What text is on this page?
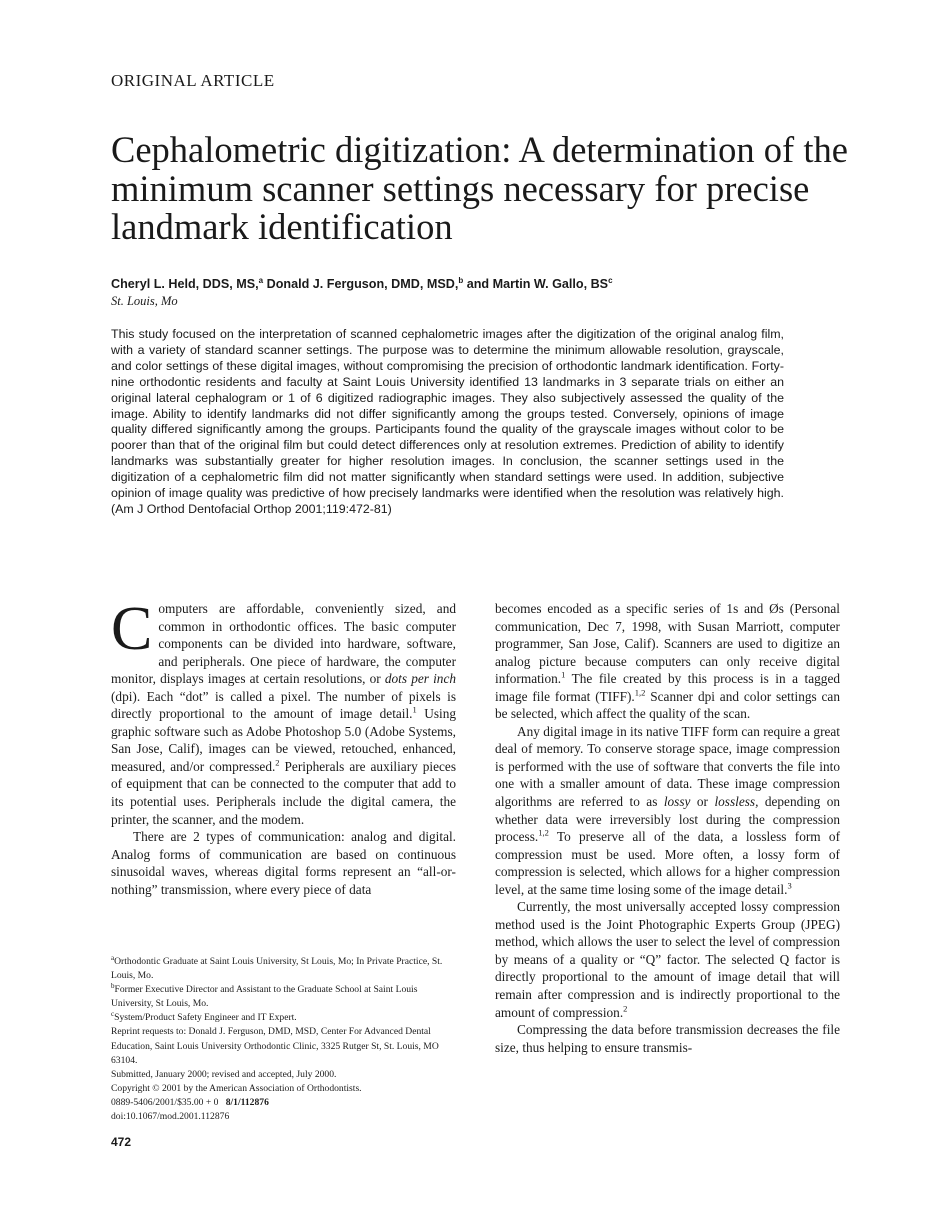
ORIGINAL ARTICLE
Cephalometric digitization: A determination of the minimum scanner settings necessary for precise landmark identification
Cheryl L. Held, DDS, MS,$^a$ Donald J. Ferguson, DMD, MSD,$^b$ and Martin W. Gallo, $BS^c$
St. Louis, Mo

This study focused on the interpretation of scanned cephalometric images after the digitization of the original analog film, with a variety of standard scanner settings. The purpose was to determine the minimum allowable resolution, grayscale, and color settings of these digital images, without compromising the precision of orthodontic landmark identification. Forty-nine orthodontic residents and faculty at Saint Louis University identified 13 landmarks in 3 separate trials on either an original lateral cephalogram or 1 of 6 digitized radiographic images. They also subjectively assessed the quality of the image. Ability to identify landmarks did not differ significantly among the groups tested. Conversely, opinions of image quality differed significantly among the groups. Participants found the quality of the grayscale images without color to be poorer than that of the original film but could detect differences only at resolution extremes. Prediction of ability to identify landmarks was substantially greater for higher resolution images. In conclusion, the scanner settings used in the digitization of a cephalometric film did not matter significantly when standard settings were used. In addition, subjective opinion of image quality was predictive of how precisely landmarks were identified when the resolution was relatively high. (Am J Orthod Dentofacial Orthop 2001;119:472-81)

Computers are affordable, conveniently sized, and common in orthodontic offices. The basic computer components can be divided into hardware, software, and peripherals. One piece of hardware, the computer monitor, displays images at certain resolutions, or dots per inch (dpi). Each “dot” is called a pixel. The number of pixels is directly proportional to the amount of image detail.$^1$ Using graphic software such as Adobe Photoshop 5.0 (Adobe Systems, San Jose, Calif), images can be viewed, retouched, enhanced, measured, and/or compressed.$^2$ Peripherals are auxiliary pieces of equipment that can be connected to the computer that add to its potential uses. Peripherals include the digital camera, the printer, the scanner, and the modem.

There are 2 types of communication: analog and digital. Analog forms of communication are based on continuous sinusoidal waves, whereas digital forms represent an “all-or-nothing” transmission, where every piece of data

becomes encoded as a specific series of 1s and Øs (Personal communication, Dec 7, 1998, with Susan Marriott, computer programmer, San Jose, Calif). Scanners are used to digitize an analog picture because computers can only receive digital information.$^1$ The file created by this process is in a tagged image file format (TIFF).$^{1,2}$ Scanner dpi and color settings can be selected, which affect the quality of the scan.

Any digital image in its native TIFF form can require a great deal of memory. To conserve storage space, image compression is performed with the use of software that converts the file into one with a smaller amount of data. These image compression algorithms are referred to as lossy or lossless, depending on whether data were irreversibly lost during the compression process.$^{1,2}$ To preserve all of the data, a lossless form of compression must be used. More often, a lossy form of compression is selected, which allows for a higher compression level, at the same time losing some of the image detail.$^3$

Currently, the most universally accepted lossy compression method used is the Joint Photographic Experts Group (JPEG) method, which allows the user to select the level of compression by means of a quality or “Q” factor. The selected Q factor is directly proportional to the amount of image detail that will remain after compression and is indirectly proportional to the amount of compression.$^2$

Compressing the data before transmission decreases the file size, thus helping to ensure transmis-

$^a$Orthodontic Graduate at Saint Louis University, St Louis, Mo; In Private Practice, St. Louis, Mo.
$^b$Former Executive Director and Assistant to the Graduate School at Saint Louis University, St Louis, Mo.
$^c$System/Product Safety Engineer and IT Expert.
Reprint requests to: Donald J. Ferguson, DMD, MSD, Center For Advanced Dental Education, Saint Louis University Orthodontic Clinic, 3325 Rutger St, St. Louis, MO 63104.
Submitted, January 2000; revised and accepted, July 2000.
Copyright © 2001 by the American Association of Orthodontists.
0889-5406/2001/$35.00 + 0 8/1/112876
doi:10.1067/mod.2001.112876
472
